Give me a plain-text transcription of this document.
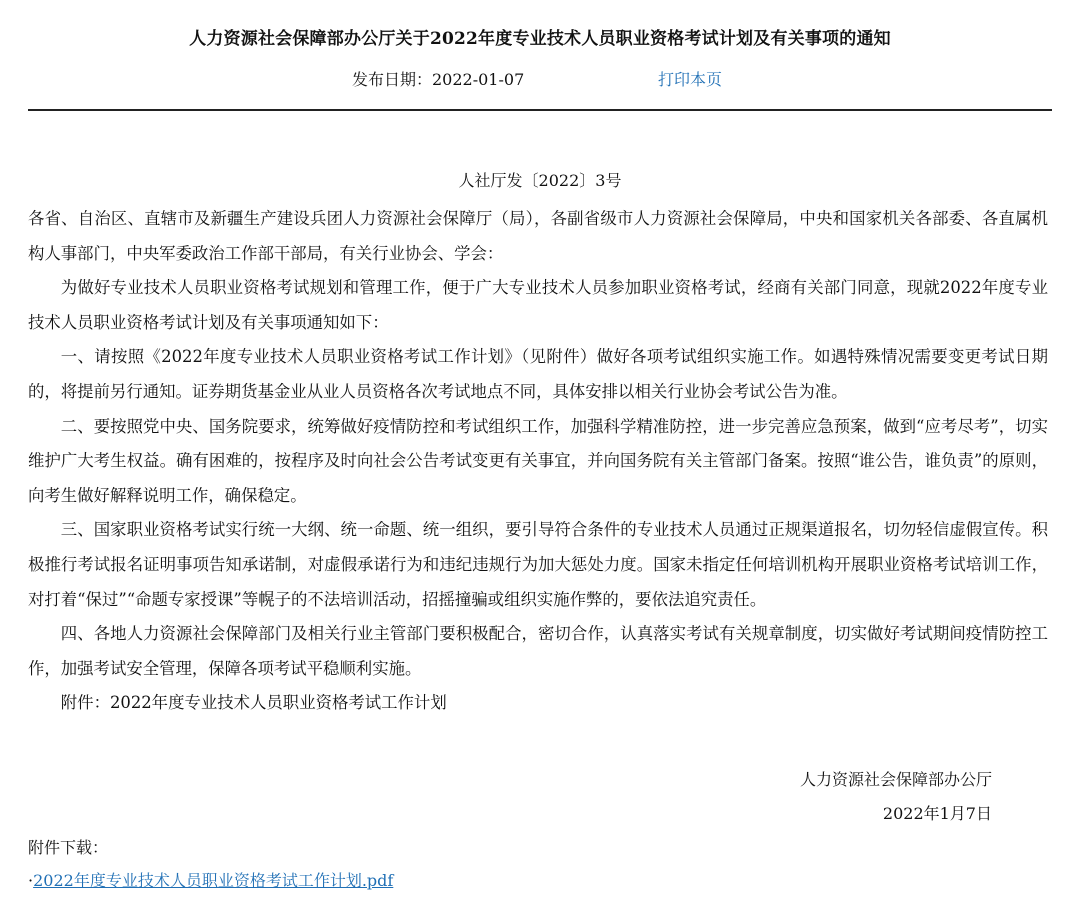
人力资源社会保障部办公厅关于2022年度专业技术人员职业资格考试计划及有关事项的通知
发布日期：2022-01-07	打印本页
人社厅发〔2022〕3号

各省、自治区、直辖市及新疆生产建设兵团人力资源社会保障厅（局），各副省级市人力资源社会保障局，中央和国家机关各部委、各直属机构人事部门，中央军委政治工作部干部局，有关行业协会、学会：

为做好专业技术人员职业资格考试规划和管理工作，便于广大专业技术人员参加职业资格考试，经商有关部门同意，现就2022年度专业技术人员职业资格考试计划及有关事项通知如下：

一、请按照《2022年度专业技术人员职业资格考试工作计划》（见附件）做好各项考试组织实施工作。如遇特殊情况需要变更考试日期的，将提前另行通知。证券期货基金业从业人员资格各次考试地点不同，具体安排以相关行业协会考试公告为准。

二、要按照党中央、国务院要求，统筹做好疫情防控和考试组织工作，加强科学精准防控，进一步完善应急预案，做到“应考尽考”，切实维护广大考生权益。确有困难的，按程序及时向社会公告考试变更有关事宜，并向国务院有关主管部门备案。按照“谁公告，谁负责”的原则，向考生做好解释说明工作，确保稳定。

三、国家职业资格考试实行统一大纲、统一命题、统一组织，要引导符合条件的专业技术人员通过正规渠道报名，切勿轻信虚假宣传。积极推行考试报名证明事项告知承诺制，对虚假承诺行为和违纪违规行为加大惩处力度。国家未指定任何培训机构开展职业资格考试培训工作，对打着“保过”“命题专家授课”等幌子的不法培训活动，招摇撞骗或组织实施作弊的，要依法追究责任。

四、各地人力资源社会保障部门及相关行业主管部门要积极配合，密切合作，认真落实考试有关规章制度，切实做好考试期间疫情防控工作，加强考试安全管理，保障各项考试平稳顺利实施。

附件：2022年度专业技术人员职业资格考试工作计划

人力资源社会保障部办公厅
2022年1月7日
附件下载：
·2022年度专业技术人员职业资格考试工作计划.pdf
